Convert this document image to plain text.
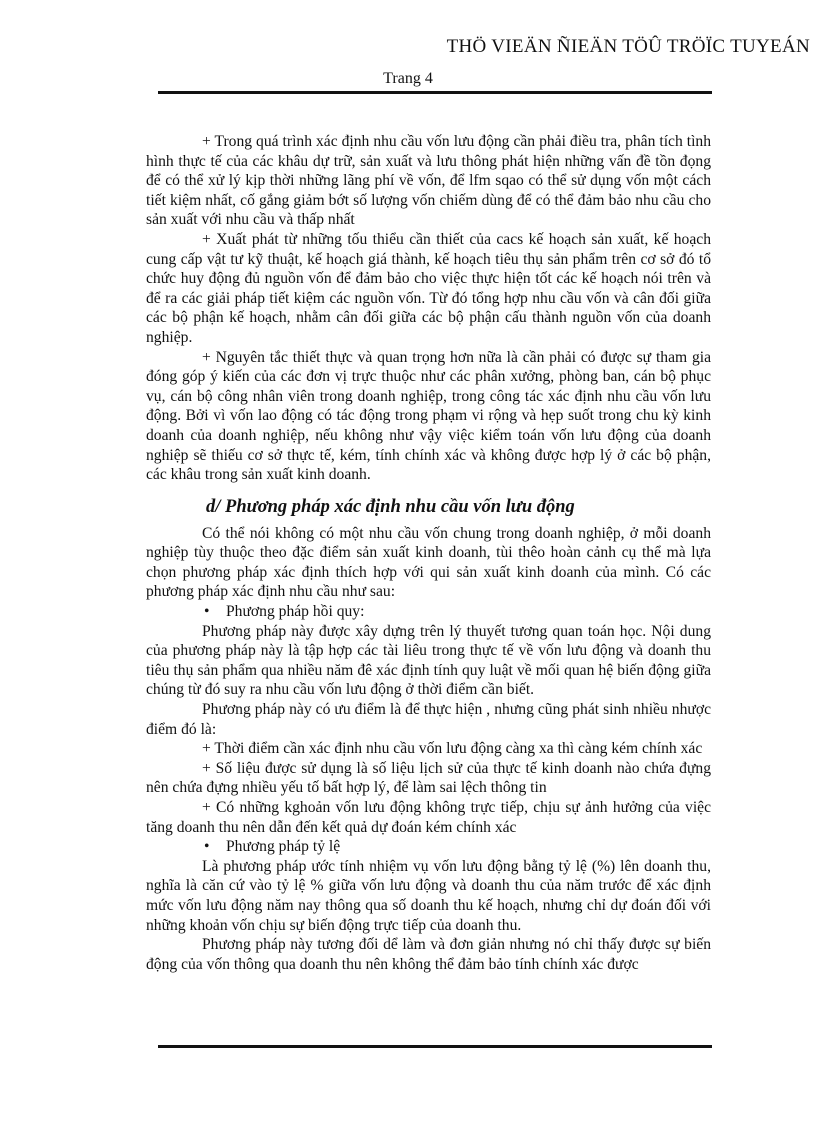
THÖ VIEÄN ÑIEÄN TÖÛ TRÖÏC TUYEÁN
Trang 4

+ Trong quá trình xác định nhu cầu vốn lưu động cần phải điều tra, phân tích tình hình thực tế của các khâu dự trữ, sản xuất và lưu thông phát hiện những vấn đề tồn đọng để có thể xử lý kịp thời những lãng phí về vốn, để lfm sqao có thể sử dụng vốn một cách tiết kiệm nhất, cố gắng giảm bớt số lượng vốn chiếm dùng để có thể đảm bảo nhu cầu cho sản xuất với nhu cầu và thấp nhất

+ Xuất phát từ những tốu thiểu cần thiết của cacs kế hoạch sản xuất, kế hoạch cung cấp vật tư kỹ thuật, kế hoạch giá thành, kế hoạch tiêu thụ sản phẩm trên cơ sở đó tổ chức huy động đủ nguồn vốn để đảm bảo cho việc thực hiện tốt các kế hoạch nói trên và để ra các giải pháp tiết kiệm các nguồn vốn. Từ đó tổng hợp nhu cầu vốn và cân đối giữa các bộ phận kế hoạch, nhằm cân đối giữa các bộ phận cấu thành nguồn vốn của doanh nghiệp.

+ Nguyên tắc thiết thực và quan trọng hơn nữa là cần phải có được sự tham gia đóng góp ý kiến của các đơn vị trực thuộc như các phân xưởng, phòng ban, cán bộ phục vụ, cán bộ công nhân viên trong doanh nghiệp, trong công tác xác định nhu cầu vốn lưu động. Bởi vì vốn lao động có tác động trong phạm vi rộng và hẹp suốt trong chu kỳ kinh doanh của doanh nghiệp, nếu không như vậy việc kiểm toán vốn lưu động của doanh nghiệp sẽ thiếu cơ sở thực tế, kém, tính chính xác và không được hợp lý ở các bộ phận, các khâu trong sản xuất kinh doanh.

d/ Phương pháp xác định nhu cầu vốn lưu động

Có thể nói không có một nhu cầu vốn chung trong doanh nghiệp, ở mỗi doanh nghiệp tùy thuộc theo đặc điểm sản xuất kinh doanh, tùi thêo hoàn cảnh cụ thể mà lựa chọn phương pháp xác định thích hợp với qui sản xuất kinh doanh của mình. Có các phương pháp xác định nhu cầu như sau:

• Phương pháp hồi quy:

Phương pháp này được xây dựng trên lý thuyết tương quan toán học. Nội dung của phương pháp này là tập hợp các tài liêu trong thực tế về vốn lưu động và doanh thu tiêu thụ sản phẩm qua nhiều năm đê xác định tính quy luật về mối quan hệ biến động giữa chúng từ đó suy ra nhu cầu vốn lưu động ở thời điểm cần biết.

Phương pháp này có ưu điểm là để thực hiện , nhưng cũng phát sinh nhiều nhược điểm đó là:

+ Thời điểm cần xác định nhu cầu vốn lưu động càng xa thì càng kém chính xác

+ Số liệu được sử dụng là số liệu lịch sử của thực tế kinh doanh nào chứa đựng nên chứa đựng nhiều yếu tố bất hợp lý, để làm sai lệch thông tin

+ Có những kghoản vốn lưu động không trực tiếp, chịu sự ảnh hưởng của việc tăng doanh thu nên dẫn đến kết quả dự đoán kém chính xác

• Phương pháp tỷ lệ

Là phương pháp ước tính nhiệm vụ vốn lưu động bằng tỷ lệ (%) lên doanh thu, nghĩa là căn cứ vào tỷ lệ % giữa vốn lưu động và doanh thu của năm trước để xác định mức vốn lưu động năm nay thông qua số doanh thu kế hoạch, nhưng chỉ dự đoán đối với những khoản vốn chịu sự biến động trực tiếp của doanh thu.

Phương pháp này tương đối dể làm và đơn giản nhưng nó chỉ thấy được sự biến động của vốn thông qua doanh thu nên không thể đảm bảo tính chính xác được
